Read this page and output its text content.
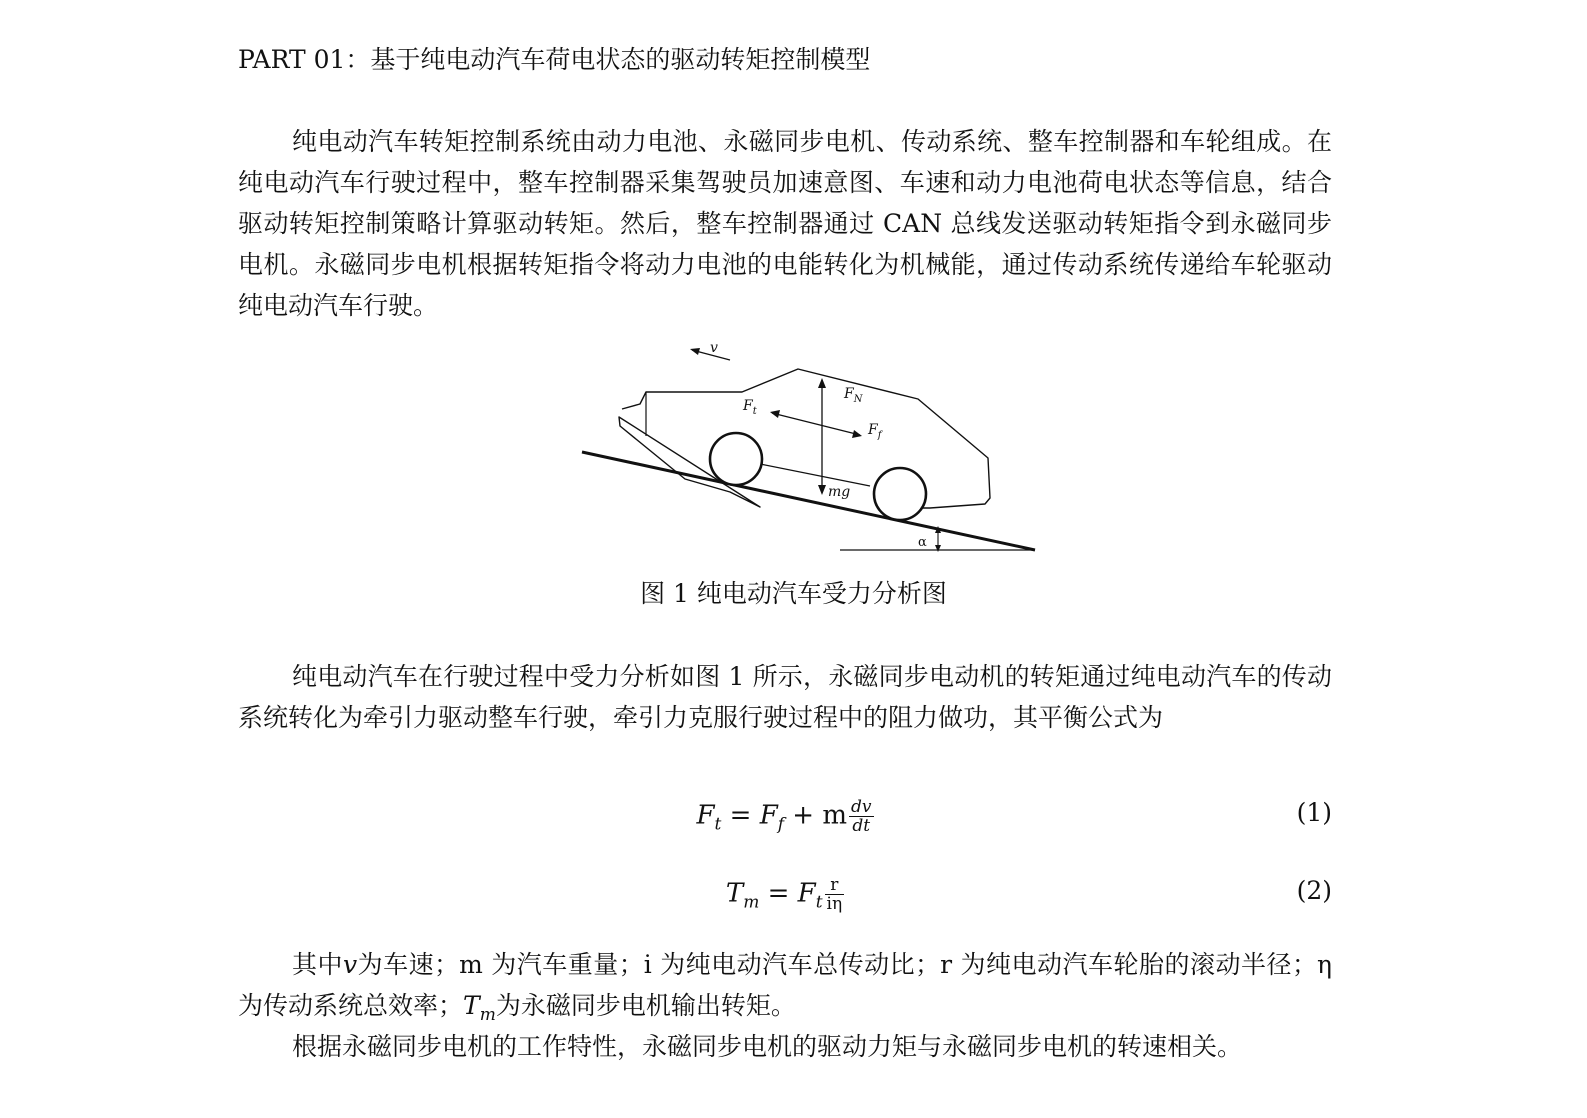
PART 01：基于纯电动汽车荷电状态的驱动转矩控制模型

纯电动汽车转矩控制系统由动力电池、永磁同步电机、传动系统、整车控制器和车轮组成。在纯电动汽车行驶过程中，整车控制器采集驾驶员加速意图、车速和动力电池荷电状态等信息，结合驱动转矩控制策略计算驱动转矩。然后，整车控制器通过 CAN 总线发送驱动转矩指令到永磁同步电机。永磁同步电机根据转矩指令将动力电池的电能转化为机械能，通过传动系统传递给车轮驱动纯电动汽车行驶。

v
$F_N$
mg
$F_t$
$F_f$
α
图 1 纯电动汽车受力分析图

纯电动汽车在行驶过程中受力分析如图 1 所示，永磁同步电动机的转矩通过纯电动汽车的传动系统转化为牵引力驱动整车行驶，牵引力克服行驶过程中的阻力做功，其平衡公式为

$F_t = F_f + m \frac{dv}{dt}$	(1)
$T_m = F_t \frac{r}{i\eta}$	(2)

其中v为车速；m 为汽车重量；i 为纯电动汽车总传动比；r 为纯电动汽车轮胎的滚动半径；η为传动系统总效率；$T_m$为永磁同步电机输出转矩。

根据永磁同步电机的工作特性，永磁同步电机的驱动力矩与永磁同步电机的转速相关。
